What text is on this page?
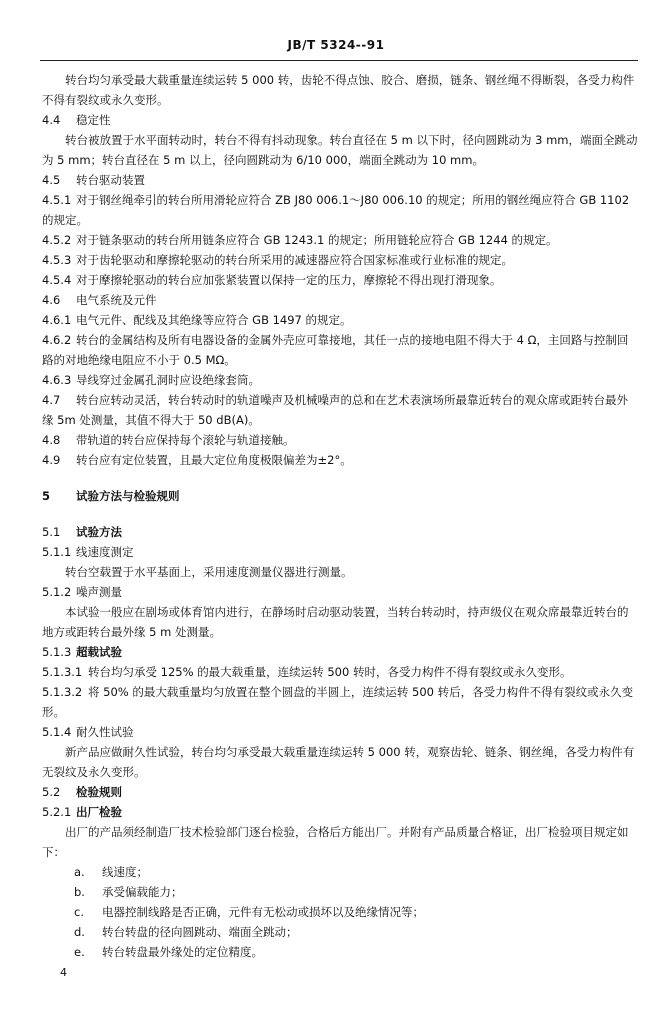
JB/T 5324--91

转台均匀承受最大载重量连续运转 5 000 转，齿轮不得点蚀、胶合、磨损，链条、钢丝绳不得断裂，各受力构件不得有裂纹或永久变形。

4.4 稳定性

转台被放置于水平面转动时，转台不得有抖动现象。转台直径在 5 m 以下时，径向圆跳动为 3 mm，端面全跳动为 5 mm；转台直径在 5 m 以上，径向圆跳动为 6/10 000，端面全跳动为 10 mm。

4.5 转台驱动装置

4.5.1 对于钢丝绳牵引的转台所用滑轮应符合 ZB J80 006.1～J80 006.10 的规定；所用的钢丝绳应符合 GB 1102 的规定。

4.5.2 对于链条驱动的转台所用链条应符合 GB 1243.1 的规定；所用链轮应符合 GB 1244 的规定。

4.5.3 对于齿轮驱动和摩擦轮驱动的转台所采用的减速器应符合国家标准或行业标准的规定。

4.5.4 对于摩擦轮驱动的转台应加张紧装置以保持一定的压力，摩擦轮不得出现打滑现象。

4.6 电气系统及元件

4.6.1 电气元件、配线及其绝缘等应符合 GB 1497 的规定。

4.6.2 转台的金属结构及所有电器设备的金属外壳应可靠接地，其任一点的接地电阻不得大于 4 Ω，主回路与控制回路的对地绝缘电阻应不小于 0.5 MΩ。

4.6.3 导线穿过金属孔洞时应设绝缘套筒。

4.7 转台应转动灵活，转台转动时的轨道噪声及机械噪声的总和在艺术表演场所最靠近转台的观众席或距转台最外缘 5m 处测量，其值不得大于 50 dB(A)。

4.8 带轨道的转台应保持每个滚轮与轨道接触。

4.9 转台应有定位装置，且最大定位角度极限偏差为±2°。

5 试验方法与检验规则

5.1 试验方法

5.1.1 线速度测定

转台空载置于水平基面上，采用速度测量仪器进行测量。

5.1.2 噪声测量

本试验一般应在剧场或体育馆内进行，在静场时启动驱动装置，当转台转动时，持声级仪在观众席最靠近转台的地方或距转台最外缘 5 m 处测量。

5.1.3 超载试验

5.1.3.1 转台均匀承受 125% 的最大载重量，连续运转 500 转时，各受力构件不得有裂纹或永久变形。

5.1.3.2 将 50% 的最大载重量均匀放置在整个圆盘的半圆上，连续运转 500 转后，各受力构件不得有裂纹或永久变形。

5.1.4 耐久性试验

新产品应做耐久性试验，转台均匀承受最大载重量连续运转 5 000 转，观察齿轮、链条、钢丝绳，各受力构件有无裂纹及永久变形。

5.2 检验规则

5.2.1 出厂检验

出厂的产品须经制造厂技术检验部门逐台检验，合格后方能出厂。并附有产品质量合格证，出厂检验项目规定如下：

a. 线速度；

b. 承受偏载能力；

c. 电器控制线路是否正确，元件有无松动或损坏以及绝缘情况等；

d. 转台转盘的径向圆跳动、端面全跳动；

e. 转台转盘最外缘处的定位精度。

4
